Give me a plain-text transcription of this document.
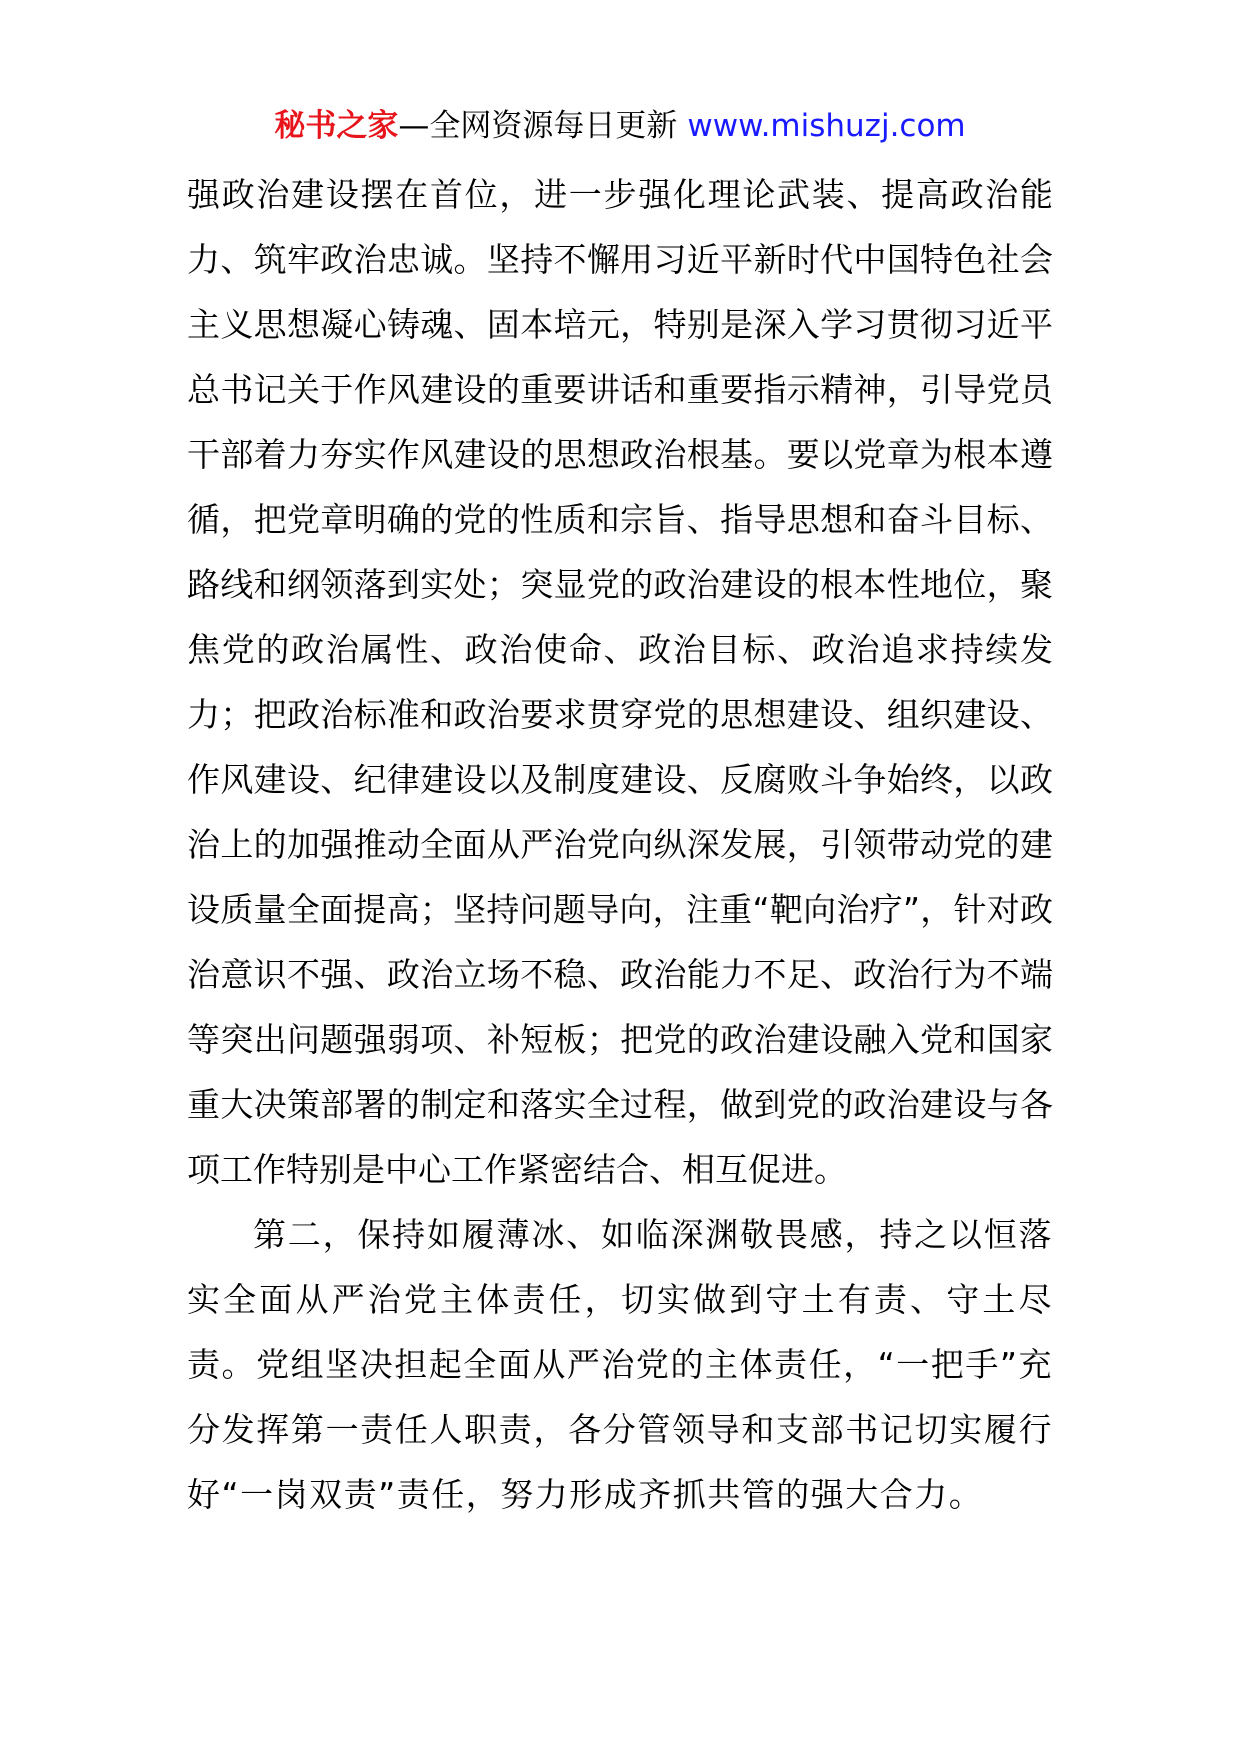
秘书之家—全网资源每日更新 www.mishuzj.com

强政治建设摆在首位，进一步强化理论武装、提高政治能力、筑牢政治忠诚。坚持不懈用习近平新时代中国特色社会主义思想凝心铸魂、固本培元，特别是深入学习贯彻习近平总书记关于作风建设的重要讲话和重要指示精神，引导党员干部着力夯实作风建设的思想政治根基。要以党章为根本遵循，把党章明确的党的性质和宗旨、指导思想和奋斗目标、路线和纲领落到实处；突显党的政治建设的根本性地位，聚焦党的政治属性、政治使命、政治目标、政治追求持续发力；把政治标准和政治要求贯穿党的思想建设、组织建设、作风建设、纪律建设以及制度建设、反腐败斗争始终，以政治上的加强推动全面从严治党向纵深发展，引领带动党的建设质量全面提高；坚持问题导向，注重“靶向治疗”，针对政治意识不强、政治立场不稳、政治能力不足、政治行为不端等突出问题强弱项、补短板；把党的政治建设融入党和国家重大决策部署的制定和落实全过程，做到党的政治建设与各项工作特别是中心工作紧密结合、相互促进。

第二，保持如履薄冰、如临深渊敬畏感，持之以恒落实全面从严治党主体责任，切实做到守土有责、守土尽责。党组坚决担起全面从严治党的主体责任，“一把手”充分发挥第一责任人职责，各分管领导和支部书记切实履行好“一岗双责”责任，努力形成齐抓共管的强大合力。
